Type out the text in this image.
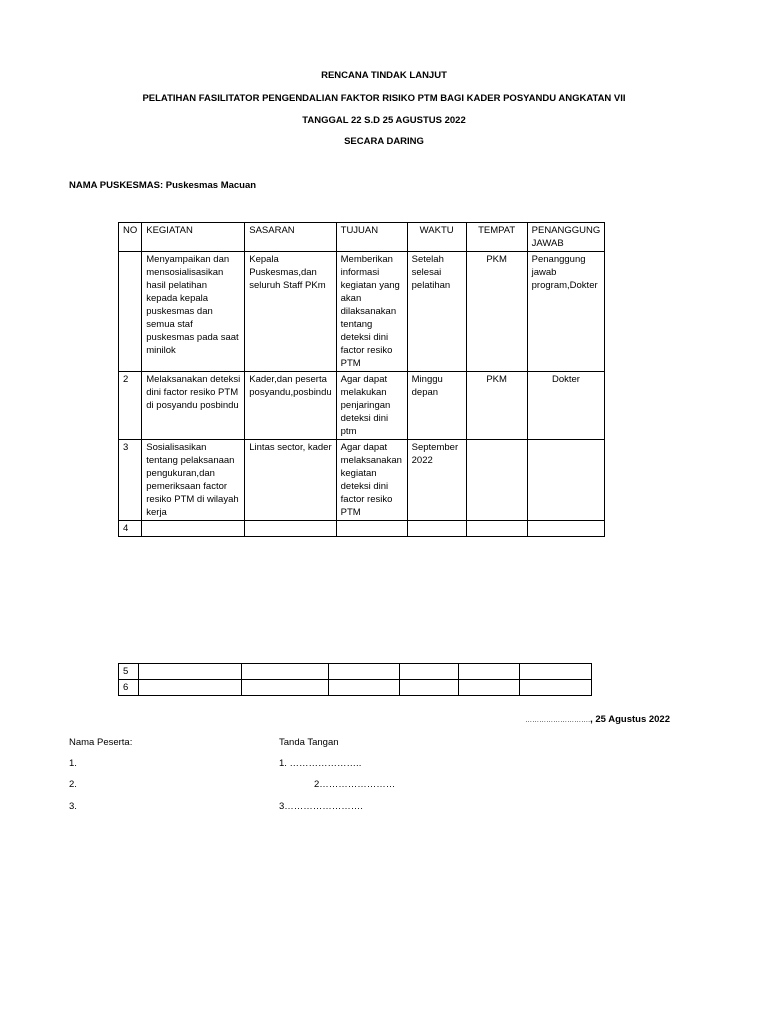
RENCANA TINDAK LANJUT
PELATIHAN FASILITATOR PENGENDALIAN FAKTOR RISIKO PTM BAGI KADER POSYANDU ANGKATAN VII
TANGGAL 22 S.D 25 AGUSTUS 2022
SECARA DARING
NAMA PUSKESMAS: Puskesmas Macuan
NO	KEGIATAN	SASARAN	TUJUAN	WAKTU	TEMPAT	PENANGGUNG JAWAB
	Menyampaikan dan mensosialisasikan hasil pelatihan kepada kepala puskesmas dan semua staf puskesmas pada saat minilok	Kepala Puskesmas,dan seluruh Staff PKm	Memberikan informasi kegiatan yang akan dilaksanakan tentang deteksi dini factor resiko PTM	Setelah selesai pelatihan	PKM	Penanggung jawab program,Dokter
2	Melaksanakan deteksi dini factor resiko PTM di posyandu posbindu	Kader,dan peserta posyandu,posbindu	Agar dapat melakukan penjaringan deteksi dini ptm	Minggu depan	PKM	Dokter
3	Sosialisasikan tentang pelaksanaan pengukuran,dan pemeriksaan factor resiko PTM di wilayah kerja	Lintas sector, kader	Agar dapat melaksanakan kegiatan deteksi dini factor resiko PTM	September 2022		
4						
5						
6						
………………………., 25 Agustus 2022
Nama Peserta:	Tanda Tangan
1.	1. …………………..
2.	2……………………
3.	3…………………….
